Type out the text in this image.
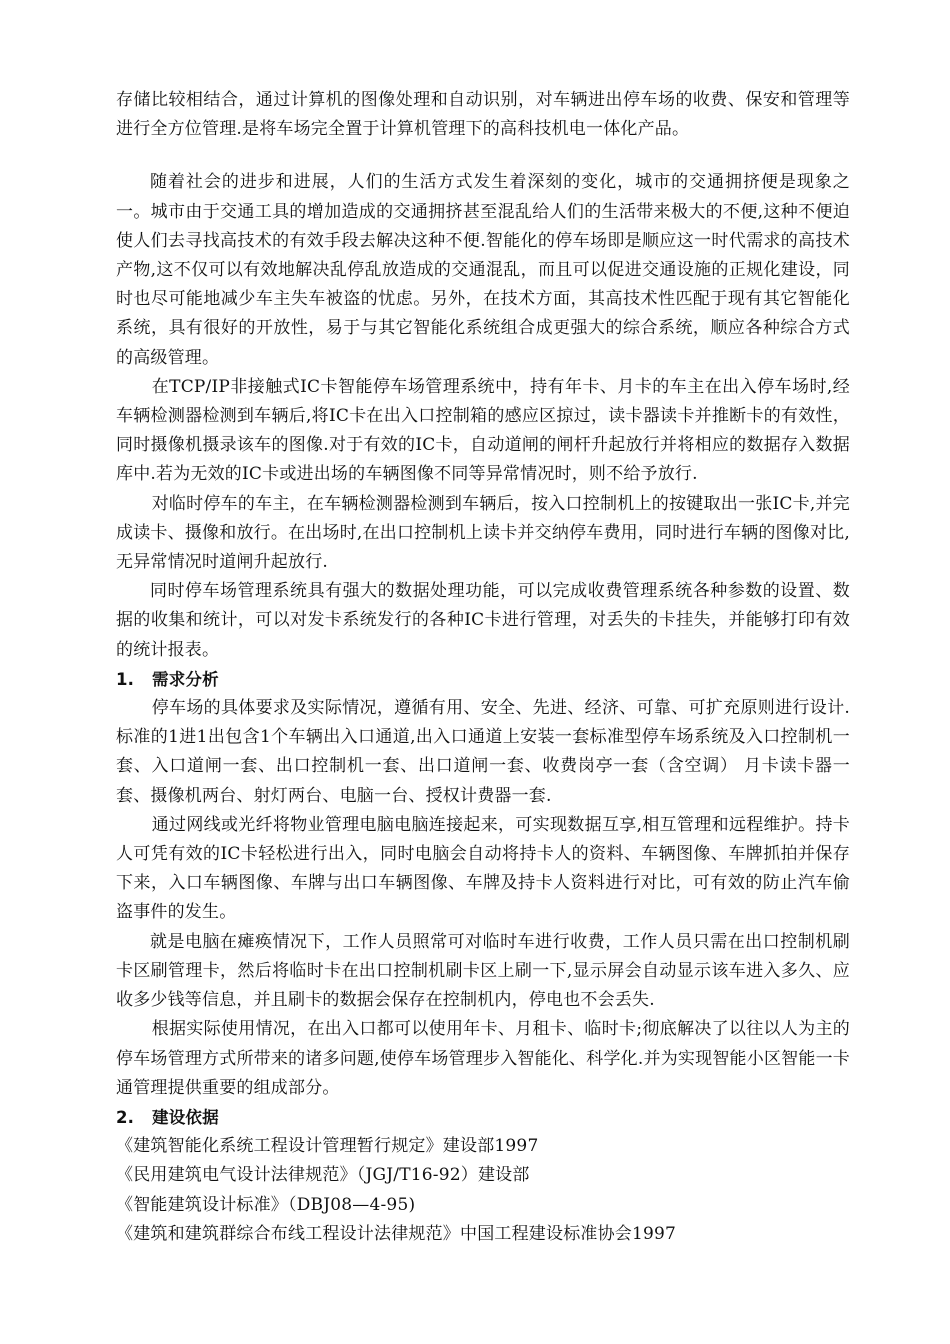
存储比较相结合，通过计算机的图像处理和自动识别，对车辆进出停车场的收费、保安和管理等进行全方位管理.是将车场完全置于计算机管理下的高科技机电一体化产品。

随着社会的进步和进展，人们的生活方式发生着深刻的变化，城市的交通拥挤便是现象之一。城市由于交通工具的增加造成的交通拥挤甚至混乱给人们的生活带来极大的不便,这种不便迫使人们去寻找高技术的有效手段去解决这种不便.智能化的停车场即是顺应这一时代需求的高技术产物,这不仅可以有效地解决乱停乱放造成的交通混乱，而且可以促进交通设施的正规化建设，同时也尽可能地减少车主失车被盗的忧虑。另外，在技术方面，其高技术性匹配于现有其它智能化系统，具有很好的开放性，易于与其它智能化系统组合成更强大的综合系统，顺应各种综合方式的高级管理。

在TCP/IP非接触式IC卡智能停车场管理系统中，持有年卡、月卡的车主在出入停车场时,经车辆检测器检测到车辆后,将IC卡在出入口控制箱的感应区掠过，读卡器读卡并推断卡的有效性，同时摄像机摄录该车的图像.对于有效的IC卡，自动道闸的闸杆升起放行并将相应的数据存入数据库中.若为无效的IC卡或进出场的车辆图像不同等异常情况时，则不给予放行.

对临时停车的车主，在车辆检测器检测到车辆后，按入口控制机上的按键取出一张IC卡,并完成读卡、摄像和放行。在出场时,在出口控制机上读卡并交纳停车费用，同时进行车辆的图像对比,无异常情况时道闸升起放行.

同时停车场管理系统具有强大的数据处理功能，可以完成收费管理系统各种参数的设置、数据的收集和统计，可以对发卡系统发行的各种IC卡进行管理，对丢失的卡挂失，并能够打印有效的统计报表。

1. 需求分析

停车场的具体要求及实际情况，遵循有用、安全、先进、经济、可靠、可扩充原则进行设计.标准的1进1出包含1个车辆出入口通道,出入口通道上安装一套标准型停车场系统及入口控制机一套、入口道闸一套、出口控制机一套、出口道闸一套、收费岗亭一套（含空调） 月卡读卡器一套、摄像机两台、射灯两台、电脑一台、授权计费器一套.

通过网线或光纤将物业管理电脑电脑连接起来，可实现数据互享,相互管理和远程维护。持卡人可凭有效的IC卡轻松进行出入，同时电脑会自动将持卡人的资料、车辆图像、车牌抓拍并保存下来，入口车辆图像、车牌与出口车辆图像、车牌及持卡人资料进行对比，可有效的防止汽车偷盗事件的发生。

就是电脑在瘫痪情况下，工作人员照常可对临时车进行收费，工作人员只需在出口控制机刷卡区刷管理卡，然后将临时卡在出口控制机刷卡区上刷一下,显示屏会自动显示该车进入多久、应收多少钱等信息，并且刷卡的数据会保存在控制机内，停电也不会丢失.

根据实际使用情况，在出入口都可以使用年卡、月租卡、临时卡;彻底解决了以往以人为主的停车场管理方式所带来的诸多问题,使停车场管理步入智能化、科学化.并为实现智能小区智能一卡通管理提供重要的组成部分。

2. 建设依据

《建筑智能化系统工程设计管理暂行规定》建设部1997

《民用建筑电气设计法律规范》（JGJ/T16-92）建设部

《智能建筑设计标准》（DBJ08—4-95)

《建筑和建筑群综合布线工程设计法律规范》中国工程建设标准协会1997
